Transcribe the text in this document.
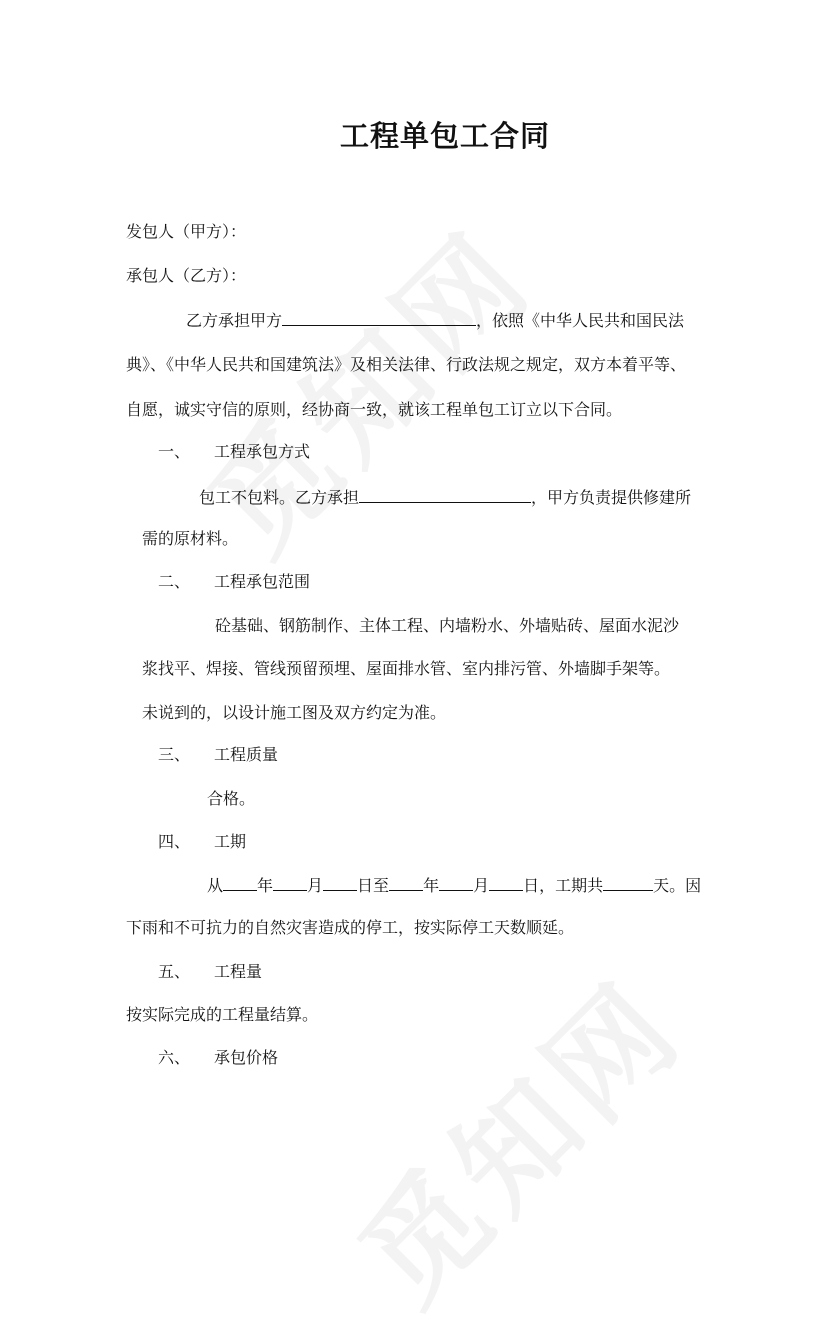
工程单包工合同
发包人（甲方）：
承包人（乙方）：
乙方承担甲方	，依照《中华人民共和国民法
典》、《中华人民共和国建筑法》及相关法律、行政法规之规定，双方本着平等、
自愿，诚实守信的原则，经协商一致，就该工程单包工订立以下合同。
一、 工程承包方式
包工不包料。乙方承担	，甲方负责提供修建所
需的原材料。
二、 工程承包范围
砼基础、钢筋制作、主体工程、内墙粉水、外墙贴砖、屋面水泥沙
浆找平、焊接、管线预留预埋、屋面排水管、室内排污管、外墙脚手架等。
未说到的，以设计施工图及双方约定为准。
三、 工程质量
合格。
四、 工期
从 年 月 日至 年 月 日，工期共	天。因
下雨和不可抗力的自然灾害造成的停工，按实际停工天数顺延。
五、 工程量
按实际完成的工程量结算。
六、 承包价格
